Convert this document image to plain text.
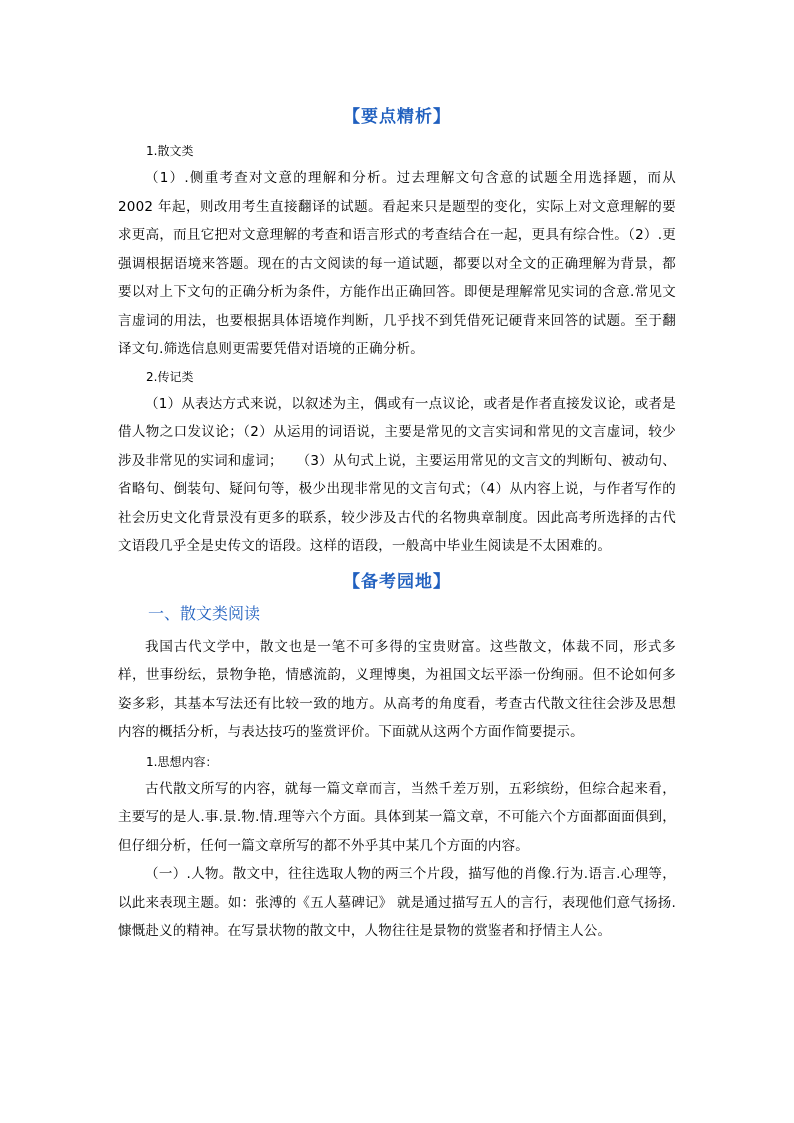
【要点精析】
1.散文类

（1）.侧重考查对文意的理解和分析。过去理解文句含意的试题全用选择题，而从 2002 年起，则改用考生直接翻译的试题。看起来只是题型的变化，实际上对文意理解的要求更高，而且它把对文意理解的考查和语言形式的考查结合在一起，更具有综合性。（2）.更强调根据语境来答题。现在的古文阅读的每一道试题，都要以对全文的正确理解为背景，都要以对上下文句的正确分析为条件，方能作出正确回答。即便是理解常见实词的含意.常见文言虚词的用法，也要根据具体语境作判断，几乎找不到凭借死记硬背来回答的试题。至于翻译文句.筛选信息则更需要凭借对语境的正确分析。

2.传记类

（1）从表达方式来说，以叙述为主，偶或有一点议论，或者是作者直接发议论，或者是借人物之口发议论；（2）从运用的词语说，主要是常见的文言实词和常见的文言虚词，较少涉及非常见的实词和虚词；　　（3）从句式上说，主要运用常见的文言文的判断句、被动句、省略句、倒装句、疑问句等，极少出现非常见的文言句式；（4）从内容上说，与作者写作的社会历史文化背景没有更多的联系，较少涉及古代的名物典章制度。因此高考所选择的古代文语段几乎全是史传文的语段。这样的语段，一般高中毕业生阅读是不太困难的。

【备考园地】
一、散文类阅读

我国古代文学中，散文也是一笔不可多得的宝贵财富。这些散文，体裁不同，形式多样，世事纷纭，景物争艳，情感流韵，义理博奥，为祖国文坛平添一份绚丽。但不论如何多姿多彩，其基本写法还有比较一致的地方。从高考的角度看，考查古代散文往往会涉及思想内容的概括分析，与表达技巧的鉴赏评价。下面就从这两个方面作简要提示。

1.思想内容：

古代散文所写的内容，就每一篇文章而言，当然千差万别，五彩缤纷，但综合起来看，主要写的是人.事.景.物.情.理等六个方面。具体到某一篇文章，不可能六个方面都面面俱到，但仔细分析，任何一篇文章所写的都不外乎其中某几个方面的内容。

（一）.人物。散文中，往往选取人物的两三个片段，描写他的肖像.行为.语言.心理等，以此来表现主题。如：张溥的《五人墓碑记》 就是通过描写五人的言行，表现他们意气扬扬.慷慨赴义的精神。在写景状物的散文中，人物往往是景物的赏鉴者和抒情主人公。
